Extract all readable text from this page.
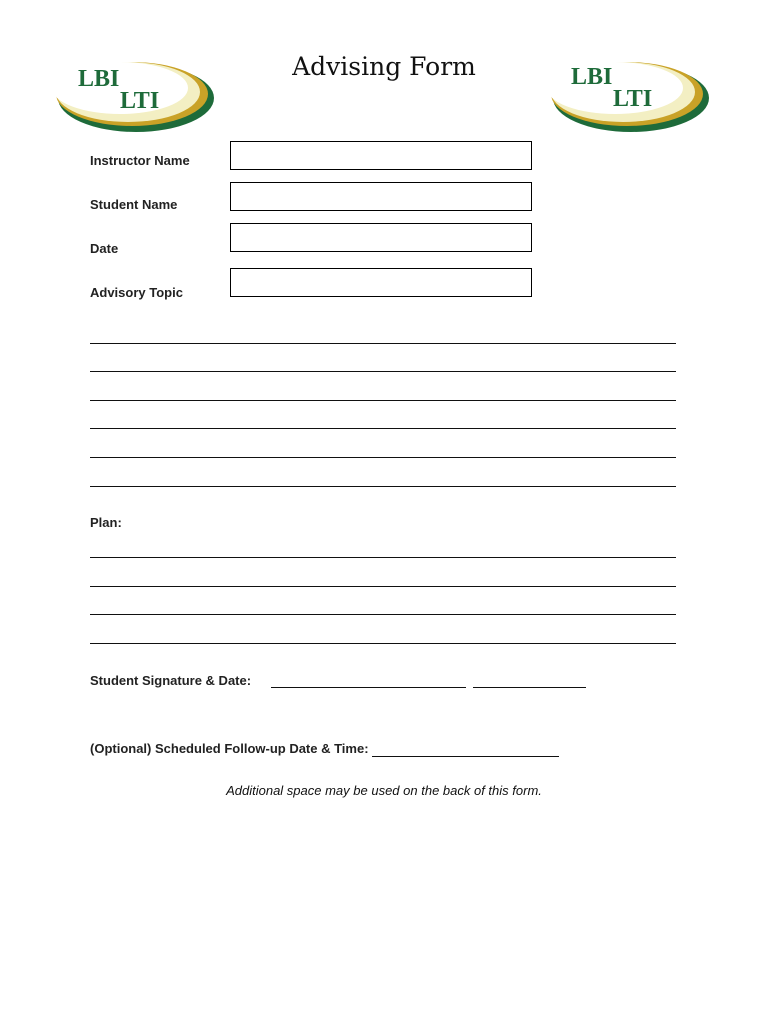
LBI
LTI
Advising Form	LBI
LTI
Instructor Name
Student Name
Date
Advisory Topic
Plan:
Student Signature & Date:
(Optional) Scheduled Follow-up Date & Time:
Additional space may be used on the back of this form.
